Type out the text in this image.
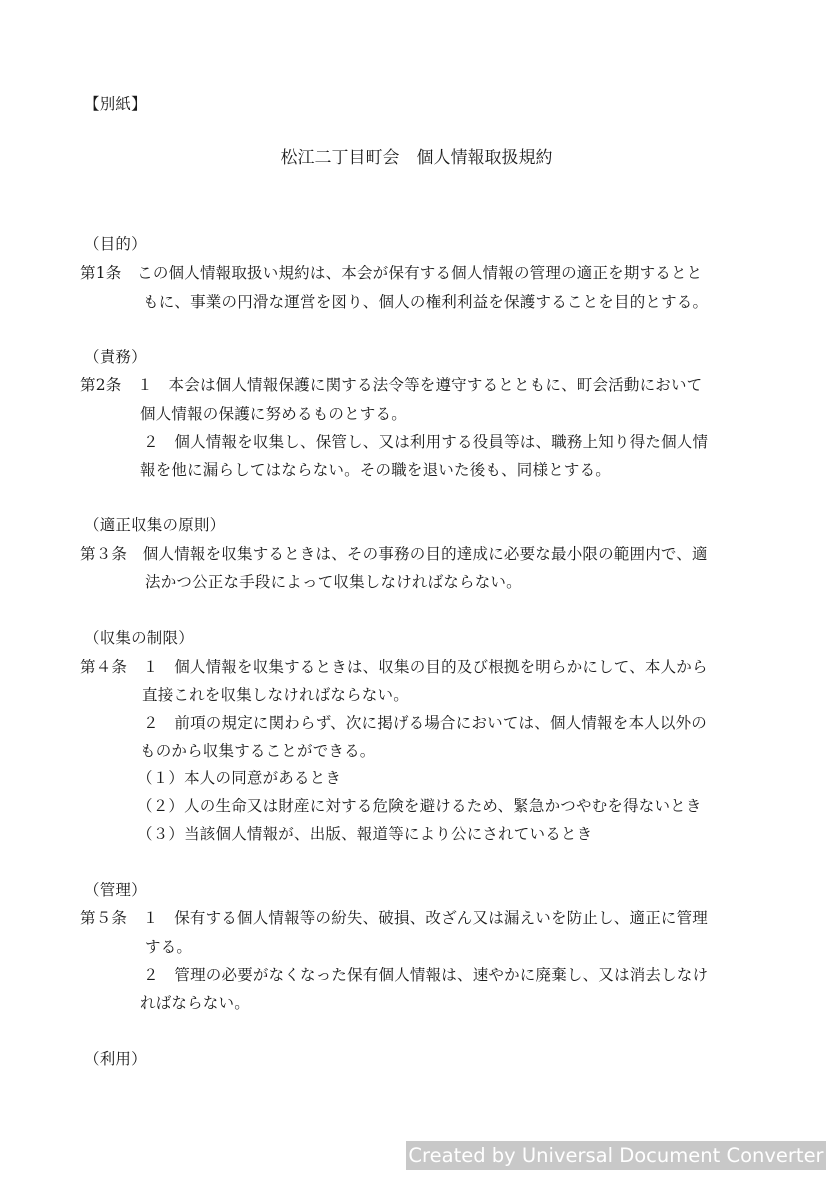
【別紙】
松江二丁目町会　個人情報取扱規約
（目的）
第1条　この個人情報取扱い規約は、本会が保有する個人情報の管理の適正を期するとと
もに、事業の円滑な運営を図り、個人の権利利益を保護することを目的とする。
（責務）
第2条　１　本会は個人情報保護に関する法令等を遵守するとともに、町会活動において
個人情報の保護に努めるものとする。
２　個人情報を収集し、保管し、又は利用する役員等は、職務上知り得た個人情
報を他に漏らしてはならない。その職を退いた後も、同様とする。
（適正収集の原則）
第３条　個人情報を収集するときは、その事務の目的達成に必要な最小限の範囲内で、適
法かつ公正な手段によって収集しなければならない。
（収集の制限）
第４条　１　個人情報を収集するときは、収集の目的及び根拠を明らかにして、本人から
直接これを収集しなければならない。
２　前項の規定に関わらず、次に掲げる場合においては、個人情報を本人以外の
ものから収集することができる。
（１）本人の同意があるとき
（２）人の生命又は財産に対する危険を避けるため、緊急かつやむを得ないとき
（３）当該個人情報が、出版、報道等により公にされているとき
（管理）
第５条　１　保有する個人情報等の紛失、破損、改ざん又は漏えいを防止し、適正に管理
する。
２　管理の必要がなくなった保有個人情報は、速やかに廃棄し、又は消去しなけ
ればならない。
（利用）
Created by Universal Document Converter
